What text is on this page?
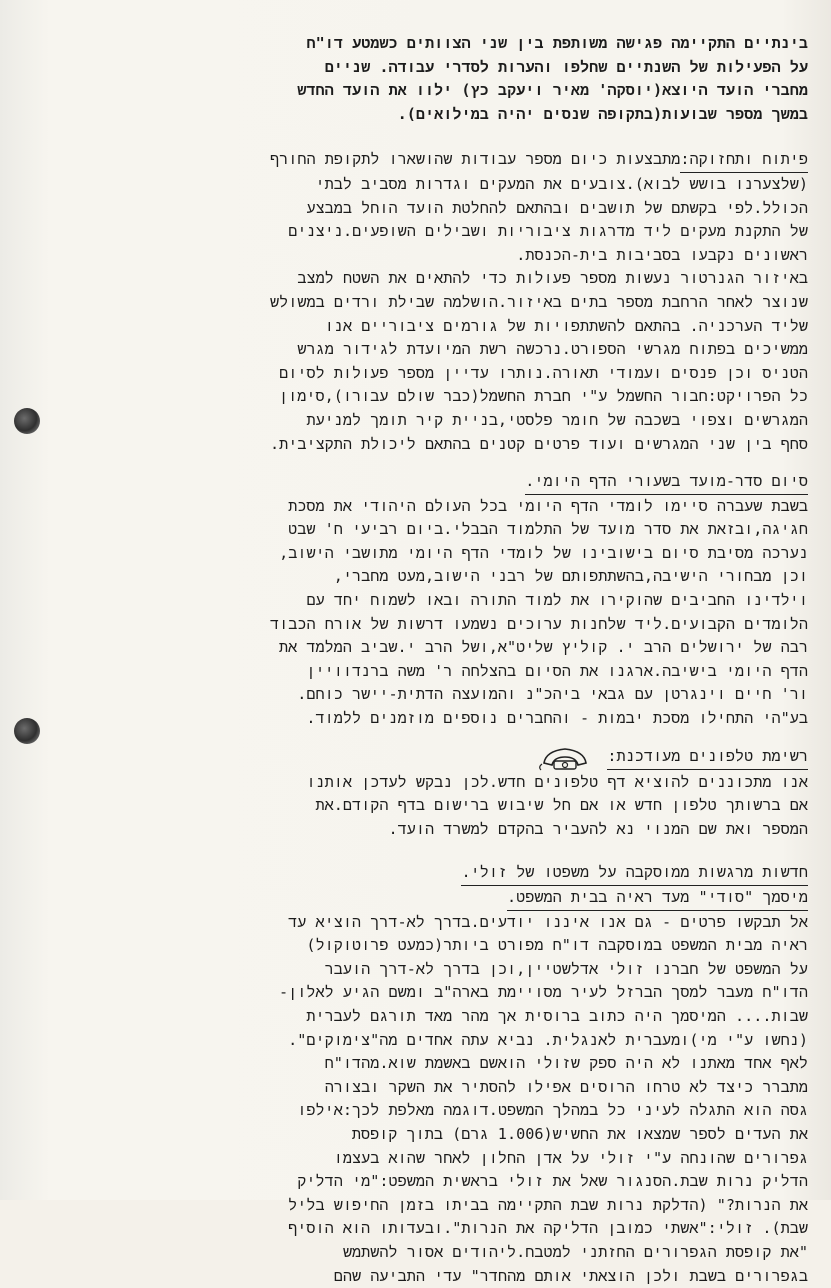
בינתיים התקיימה פגישה משותפת בין שני הצוותים כשמטע דו"ח
על הפעילות של השנתיים שחלפו והערות לסדרי עבודה. שניים
מחברי הועד היוצא(יוסקה' מאיר ויעקב כץ) ילוו את הועד החדש
במשך מספר שבועות(בתקופה שנסים יהיה במילואים).
פיתוח ותחזוקה:מתבצעות כיום מספר עבודות שהושארו לתקופת החורף
(שלצערנו בושש לבוא).צובעים את המעקים וגדרות מסביב לבתי
הכולל.לפי בקשתם של תושבים ובהתאם להחלטת הועד הוחל במבצע
של התקנת מעקים ליד מדרגות ציבוריות ושבילים השופעים.ניצנים
ראשונים נקבעו בסביבות בית-הכנסת.
באיזור הגנרטור נעשות מספר פעולות כדי להתאים את השטח למצב
שנוצר לאחר הרחבת מספר בתים באיזור.הושלמה שבילת ורדים במשולש
שליד הערכניה. בהתאם להשתתפויות של גורמים ציבוריים אנו
ממשיכים בפתוח מגרשי הספורט.נרכשה רשת המיועדת לגידור מגרש
הטניס וכן פנסים ועמודי תאורה.נותרו עדיין מספר פעולות לסיום
כל הפרויקט:חבור החשמל ע"י חברת החשמל(כבר שולם עבורו),סימון
המגרשים וצפוי בשכבה של חומר פלסטי,בניית קיר תומך למניעת
סחף בין שני המגרשים ועוד פרטים קטנים בהתאם ליכולת התקציבית.
סיום סדר-מועד בשעורי הדף היומי.
בשבת שעברה סיימו לומדי הדף היומי בכל העולם היהודי את מסכת
חגיגה,ובזאת את סדר מועד של התלמוד הבבלי.ביום רביעי ח' שבט
נערכה מסיבת סיום בישובינו של לומדי הדף היומי מתושבי הישוב,
וכן מבחורי הישיבה,בהשתתפותם של רבני הישוב,מעט מחברי,
וילדינו החביבים שהוקירו את למוד התורה ובאו לשמוח יחד עם
הלומדים הקבועים.ליד שלחנות ערוכים נשמעו דרשות של אורח הכבוד
רבה של ירושלים הרב י. קוליץ שליט"א,ושל הרב י.שביב המלמד את
הדף היומי בישיבה.ארגנו את הסיום בהצלחה ר' משה ברנדוויין
ור' חיים וינגרטן עם גבאי ביהכ"נ והמועצה הדתית-יישר כוחם.
בע"הי התחילו מסכת יבמות - והחברים נוספים מוזמנים ללמוד.
רשימת טלפונים מעודכנת:
אנו מתכוננים להוציא דף טלפונים חדש.לכן נבקש לעדכן אותנו
אם ברשותך טלפון חדש או אם חל שיבוש ברישום בדף הקודם.את
המספר ואת שם המנוי נא להעביר בהקדם למשרד הועד.
חדשות מרגשות ממוסקבה על משפטו של זולי.
מיסמך "סודי" מעד ראיה בבית המשפט.
אל תבקשו פרטים - גם אנו איננו יודעים.בדרך לא-דרך הוציא עד
ראיה מבית המשפט במוסקבה דו"ח מפורט ביותר(כמעט פרוטוקול)
על המשפט של חברנו זולי אדלשטיין,וכן בדרך לא-דרך הועבר
הדו"ח מעבר למסך הברזל לעיר מסויימת בארה"ב ומשם הגיע לאלון-
שבות.... המיסמך היה כתוב ברוסית אך מהר מאד תורגם לעברית
(נחשו ע"י מי)ומעברית לאנגלית. נביא עתה אחדים מה"צימוקים".
לאף אחד מאתנו לא היה ספק שזולי הואשם באשמת שוא.מהדו"ח
מתברר כיצד לא טרחו הרוסים אפילו להסתיר את השקר ובצורה
גסה הוא התגלה לעיני כל במהלך המשפט.דוגמה מאלפת לכך:אילפו
את העדים לספר שמצאו את החשיש(1.006 גרם) בתוך קופסת
גפרורים שהונחה ע"י זולי על אדן החלון לאחר שהוא בעצמו
הדליק נרות שבת.הסנגור שאל את זולי בראשית המשפט:"מי הדליק
את הנרות?" (הדלקת נרות שבת התקיימה בביתו בזמן החיפוש בליל
שבת). זולי:"אשתי כמובן הדליקה את הנרות".ובעדותו הוא הוסיף
"את קופסת הגפרורים החזתני למטבח.ליהודים אסור להשתמש
בגפרורים בשבת ולכן הוצאתי אותם מהחדר" עדי התביעה שהם
